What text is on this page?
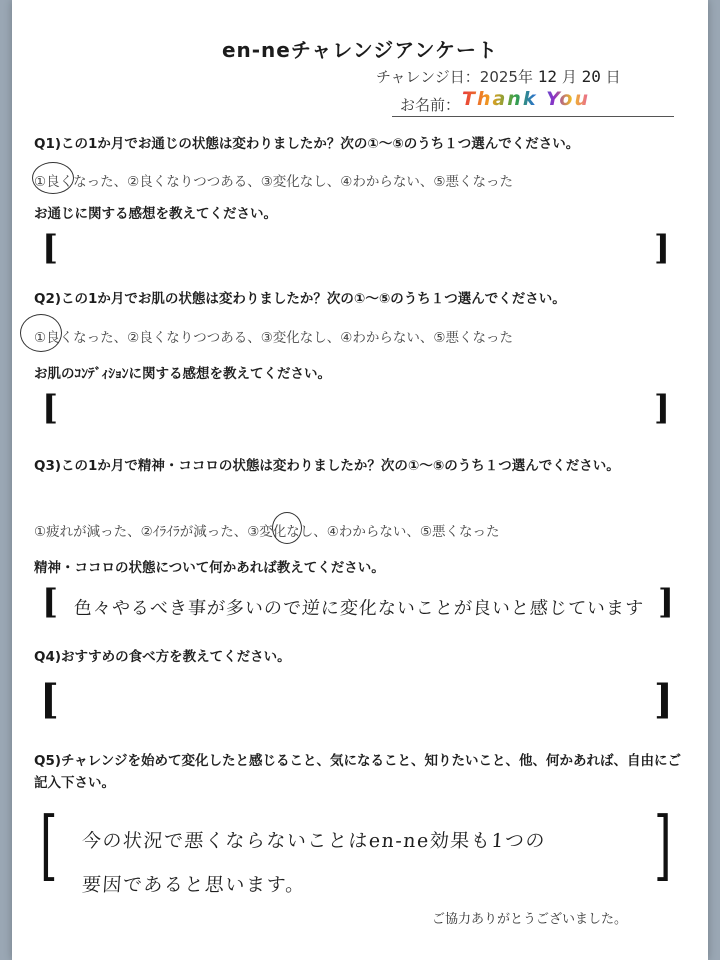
en-neチャレンジアンケート
チャレンジ日：2025年 12 月 20 日
お名前： Thank You
Q1)この1か月でお通じの状態は変わりましたか？次の①～⑤のうち１つ選んでください。
①良くなった、②良くなりつつある、③変化なし、④わからない、⑤悪くなった
お通じに関する感想を教えてください。
[	]
Q2)この1か月でお肌の状態は変わりましたか？次の①～⑤のうち１つ選んでください。
①良くなった、②良くなりつつある、③変化なし、④わからない、⑤悪くなった
お肌のｺﾝﾃﾞｨｼｮﾝに関する感想を教えてください。
[	]
Q3)この1か月で精神・ココロの状態は変わりましたか？次の①～⑤のうち１つ選んでください。
①疲れが減った、②ｲﾗｲﾗが減った、③変化なし、④わからない、⑤悪くなった
精神・ココロの状態について何かあれば教えてください。
[	]
色々やるべき事が多いので逆に変化ないことが良いと感じています
Q4)おすすめの食べ方を教えてください。
[	]
Q5)チャレンジを始めて変化したと感じること、気になること、知りたいこと、他、何かあれば、自由にご記入下さい。
[	]
今の状況で悪くならないことはen-ne効果も1つの
要因であると思います。
ご協力ありがとうございました。
